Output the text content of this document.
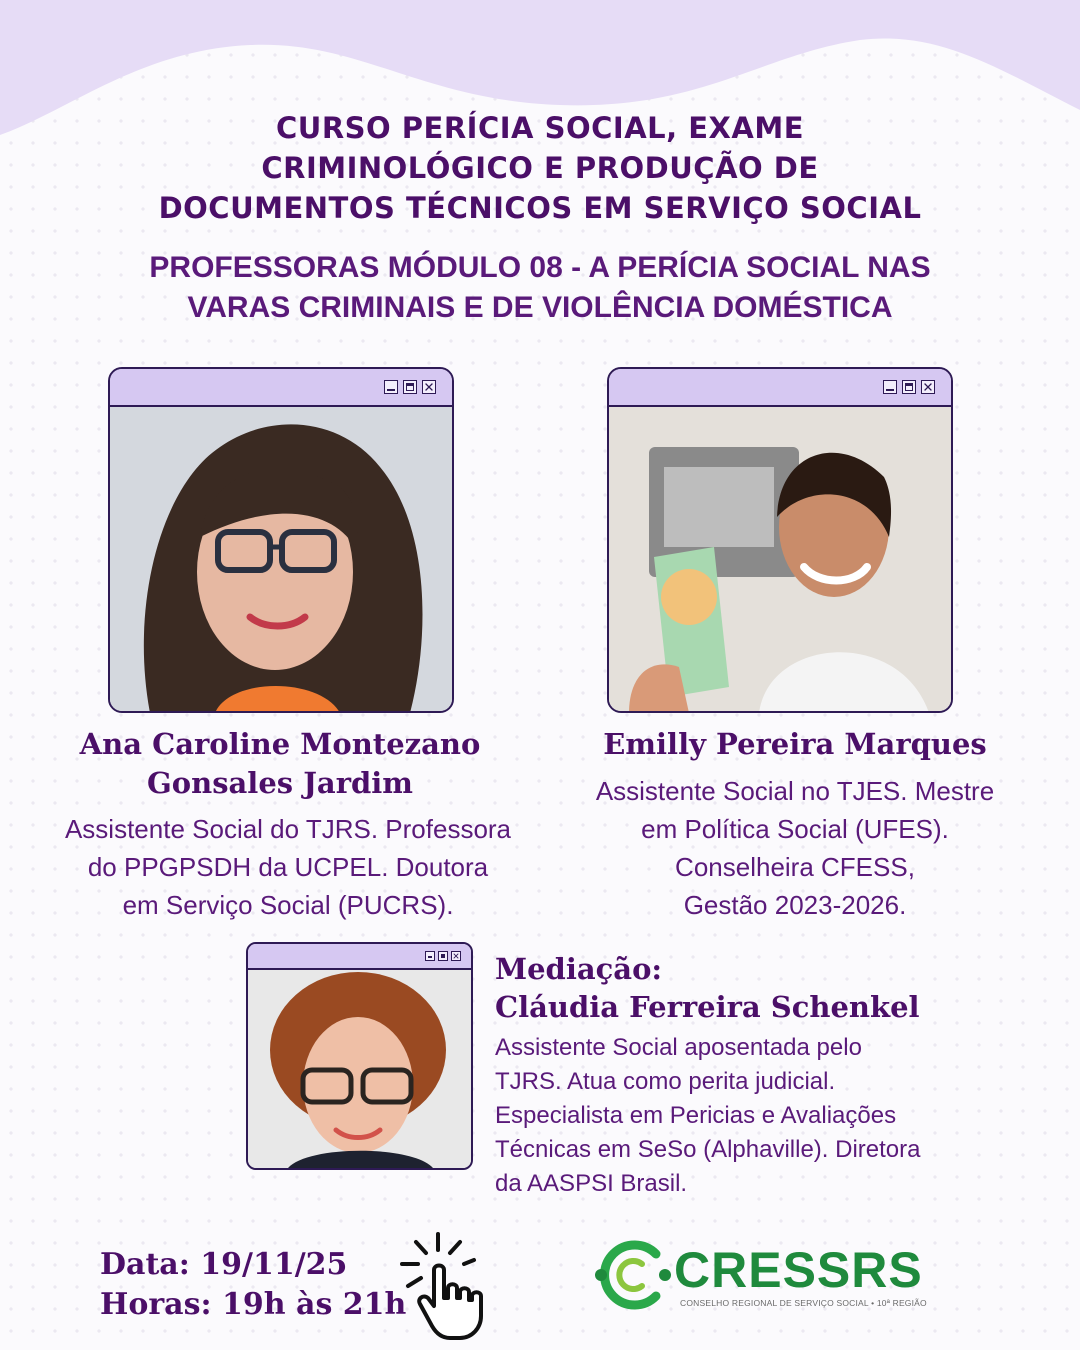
CURSO PERÍCIA SOCIAL, EXAME
CRIMINOLÓGICO E PRODUÇÃO DE
DOCUMENTOS TÉCNICOS EM SERVIÇO SOCIAL
PROFESSORAS MÓDULO 08 - A PERÍCIA SOCIAL NAS
VARAS CRIMINAIS E DE VIOLÊNCIA DOMÉSTICA
Ana Caroline Montezano
Gonsales Jardim

Assistente Social do TJRS. Professora
do PPGPSDH da UCPEL. Doutora
em Serviço Social (PUCRS).

Emilly Pereira Marques

Assistente Social no TJES. Mestre
em Política Social (UFES).
Conselheira CFESS,
Gestão 2023-2026.

Mediação:
Cláudia Ferreira Schenkel

Assistente Social aposentada pelo
TJRS. Atua como perita judicial.
Especialista em Pericias e Avaliações
Técnicas em SeSo (Alphaville). Diretora
da AASPSI Brasil.

Data: 19/11/25
Horas: 19h às 21h
CRESSRS
CONSELHO REGIONAL DE SERVIÇO SOCIAL • 10ª REGIÃO
